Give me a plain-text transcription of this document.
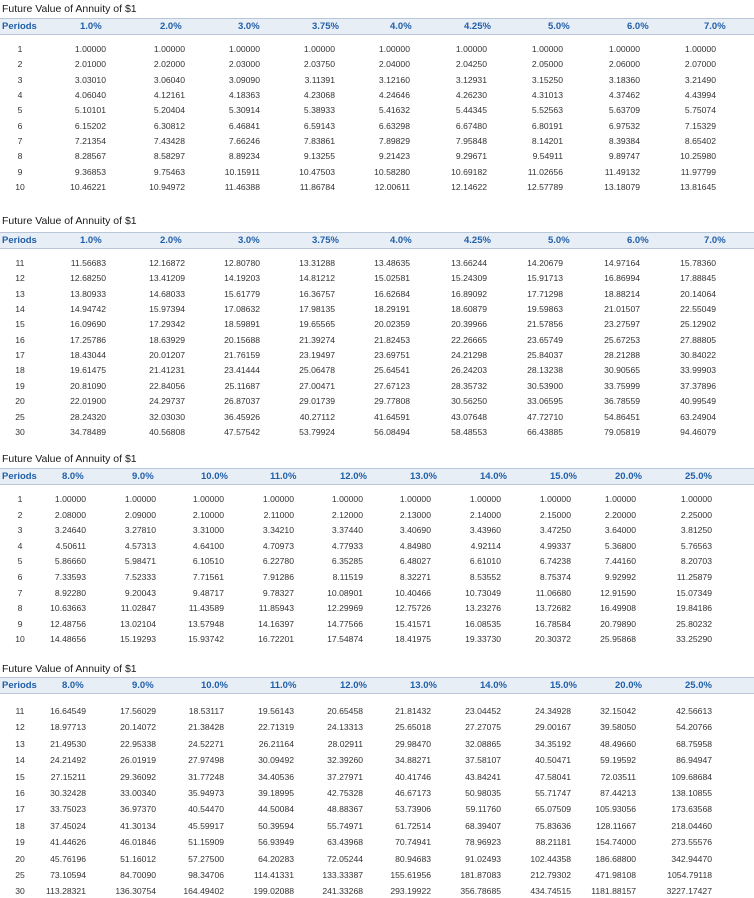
Future Value of Annuity of $1
Periods	1.0%	2.0%	3.0%	3.75%	4.0%	4.25%	5.0%	6.0%	7.0%
1	1.00000	1.00000	1.00000	1.00000	1.00000	1.00000	1.00000	1.00000	1.00000
2	2.01000	2.02000	2.03000	2.03750	2.04000	2.04250	2.05000	2.06000	2.07000
3	3.03010	3.06040	3.09090	3.11391	3.12160	3.12931	3.15250	3.18360	3.21490
4	4.06040	4.12161	4.18363	4.23068	4.24646	4.26230	4.31013	4.37462	4.43994
5	5.10101	5.20404	5.30914	5.38933	5.41632	5.44345	5.52563	5.63709	5.75074
6	6.15202	6.30812	6.46841	6.59143	6.63298	6.67480	6.80191	6.97532	7.15329
7	7.21354	7.43428	7.66246	7.83861	7.89829	7.95848	8.14201	8.39384	8.65402
8	8.28567	8.58297	8.89234	9.13255	9.21423	9.29671	9.54911	9.89747	10.25980
9	9.36853	9.75463	10.15911	10.47503	10.58280	10.69182	11.02656	11.49132	11.97799
10	10.46221	10.94972	11.46388	11.86784	12.00611	12.14622	12.57789	13.18079	13.81645
Future Value of Annuity of $1
Periods	1.0%	2.0%	3.0%	3.75%	4.0%	4.25%	5.0%	6.0%	7.0%
11	11.56683	12.16872	12.80780	13.31288	13.48635	13.66244	14.20679	14.97164	15.78360
12	12.68250	13.41209	14.19203	14.81212	15.02581	15.24309	15.91713	16.86994	17.88845
13	13.80933	14.68033	15.61779	16.36757	16.62684	16.89092	17.71298	18.88214	20.14064
14	14.94742	15.97394	17.08632	17.98135	18.29191	18.60879	19.59863	21.01507	22.55049
15	16.09690	17.29342	18.59891	19.65565	20.02359	20.39966	21.57856	23.27597	25.12902
16	17.25786	18.63929	20.15688	21.39274	21.82453	22.26665	23.65749	25.67253	27.88805
17	18.43044	20.01207	21.76159	23.19497	23.69751	24.21298	25.84037	28.21288	30.84022
18	19.61475	21.41231	23.41444	25.06478	25.64541	26.24203	28.13238	30.90565	33.99903
19	20.81090	22.84056	25.11687	27.00471	27.67123	28.35732	30.53900	33.75999	37.37896
20	22.01900	24.29737	26.87037	29.01739	29.77808	30.56250	33.06595	36.78559	40.99549
25	28.24320	32.03030	36.45926	40.27112	41.64591	43.07648	47.72710	54.86451	63.24904
30	34.78489	40.56808	47.57542	53.79924	56.08494	58.48553	66.43885	79.05819	94.46079
Future Value of Annuity of $1
Periods	8.0%	9.0%	10.0%	11.0%	12.0%	13.0%	14.0%	15.0%	20.0%	25.0%
1	1.00000	1.00000	1.00000	1.00000	1.00000	1.00000	1.00000	1.00000	1.00000	1.00000
2	2.08000	2.09000	2.10000	2.11000	2.12000	2.13000	2.14000	2.15000	2.20000	2.25000
3	3.24640	3.27810	3.31000	3.34210	3.37440	3.40690	3.43960	3.47250	3.64000	3.81250
4	4.50611	4.57313	4.64100	4.70973	4.77933	4.84980	4.92114	4.99337	5.36800	5.76563
5	5.86660	5.98471	6.10510	6.22780	6.35285	6.48027	6.61010	6.74238	7.44160	8.20703
6	7.33593	7.52333	7.71561	7.91286	8.11519	8.32271	8.53552	8.75374	9.92992	11.25879
7	8.92280	9.20043	9.48717	9.78327	10.08901	10.40466	10.73049	11.06680	12.91590	15.07349
8	10.63663	11.02847	11.43589	11.85943	12.29969	12.75726	13.23276	13.72682	16.49908	19.84186
9	12.48756	13.02104	13.57948	14.16397	14.77566	15.41571	16.08535	16.78584	20.79890	25.80232
10	14.48656	15.19293	15.93742	16.72201	17.54874	18.41975	19.33730	20.30372	25.95868	33.25290
Future Value of Annuity of $1
Periods	8.0%	9.0%	10.0%	11.0%	12.0%	13.0%	14.0%	15.0%	20.0%	25.0%
11	16.64549	17.56029	18.53117	19.56143	20.65458	21.81432	23.04452	24.34928	32.15042	42.56613
12	18.97713	20.14072	21.38428	22.71319	24.13313	25.65018	27.27075	29.00167	39.58050	54.20766
13	21.49530	22.95338	24.52271	26.21164	28.02911	29.98470	32.08865	34.35192	48.49660	68.75958
14	24.21492	26.01919	27.97498	30.09492	32.39260	34.88271	37.58107	40.50471	59.19592	86.94947
15	27.15211	29.36092	31.77248	34.40536	37.27971	40.41746	43.84241	47.58041	72.03511	109.68684
16	30.32428	33.00340	35.94973	39.18995	42.75328	46.67173	50.98035	55.71747	87.44213	138.10855
17	33.75023	36.97370	40.54470	44.50084	48.88367	53.73906	59.11760	65.07509	105.93056	173.63568
18	37.45024	41.30134	45.59917	50.39594	55.74971	61.72514	68.39407	75.83636	128.11667	218.04460
19	41.44626	46.01846	51.15909	56.93949	63.43968	70.74941	78.96923	88.21181	154.74000	273.55576
20	45.76196	51.16012	57.27500	64.20283	72.05244	80.94683	91.02493	102.44358	186.68800	342.94470
25	73.10594	84.70090	98.34706	114.41331	133.33387	155.61956	181.87083	212.79302	471.98108	1054.79118
30	113.28321	136.30754	164.49402	199.02088	241.33268	293.19922	356.78685	434.74515	1181.88157	3227.17427
